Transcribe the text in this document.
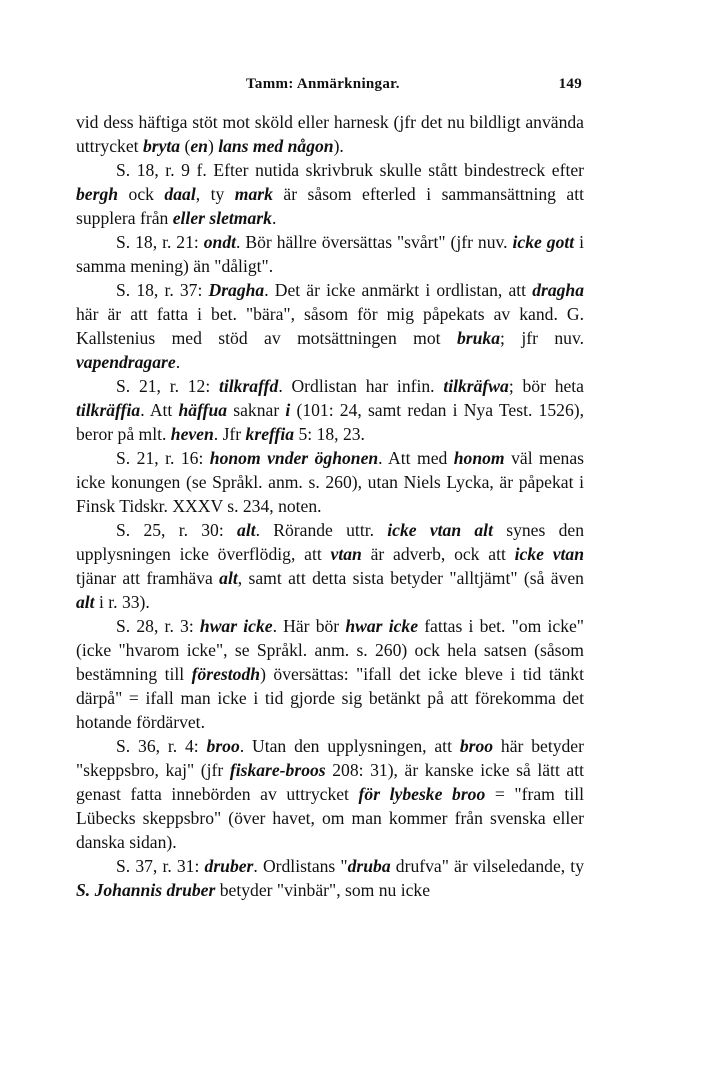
Tamm: Anmärkningar.	149

vid dess häftiga stöt mot sköld eller harnesk (jfr det nu bildligt använda uttrycket bryta (en) lans med någon).

S. 18, r. 9 f. Efter nutida skrivbruk skulle stått bindestreck efter bergh ock daal, ty mark är såsom efterled i sammansättning att supplera från eller sletmark.

S. 18, r. 21: ondt. Bör hällre översättas "svårt" (jfr nuv. icke gott i samma mening) än "dåligt".

S. 18, r. 37: Dragha. Det är icke anmärkt i ordlistan, att dragha här är att fatta i bet. "bära", såsom för mig påpekats av kand. G. Kallstenius med stöd av motsättningen mot bruka; jfr nuv. vapendragare.

S. 21, r. 12: tilkraffd. Ordlistan har infin. tilkräfwa; bör heta tilkräffia. Att häffua saknar i (101: 24, samt redan i Nya Test. 1526), beror på mlt. heven. Jfr kreffia 5: 18, 23.

S. 21, r. 16: honom vnder öghonen. Att med honom väl menas icke konungen (se Språkl. anm. s. 260), utan Niels Lycka, är påpekat i Finsk Tidskr. XXXV s. 234, noten.

S. 25, r. 30: alt. Rörande uttr. icke vtan alt synes den upplysningen icke överflödig, att vtan är adverb, ock att icke vtan tjänar att framhäva alt, samt att detta sista betyder "alltjämt" (så även alt i r. 33).

S. 28, r. 3: hwar icke. Här bör hwar icke fattas i bet. "om icke" (icke "hvarom icke", se Språkl. anm. s. 260) ock hela satsen (såsom bestämning till förestodh) översättas: "ifall det icke bleve i tid tänkt därpå" = ifall man icke i tid gjorde sig betänkt på att förekomma det hotande fördärvet.

S. 36, r. 4: broo. Utan den upplysningen, att broo här betyder "skeppsbro, kaj" (jfr fiskare-broos 208: 31), är kanske icke så lätt att genast fatta innebörden av uttrycket för lybeske broo = "fram till Lübecks skeppsbro" (över havet, om man kommer från svenska eller danska sidan).

S. 37, r. 31: druber. Ordlistans "druba drufva" är vilseledande, ty S. Johannis druber betyder "vinbär", som nu icke
